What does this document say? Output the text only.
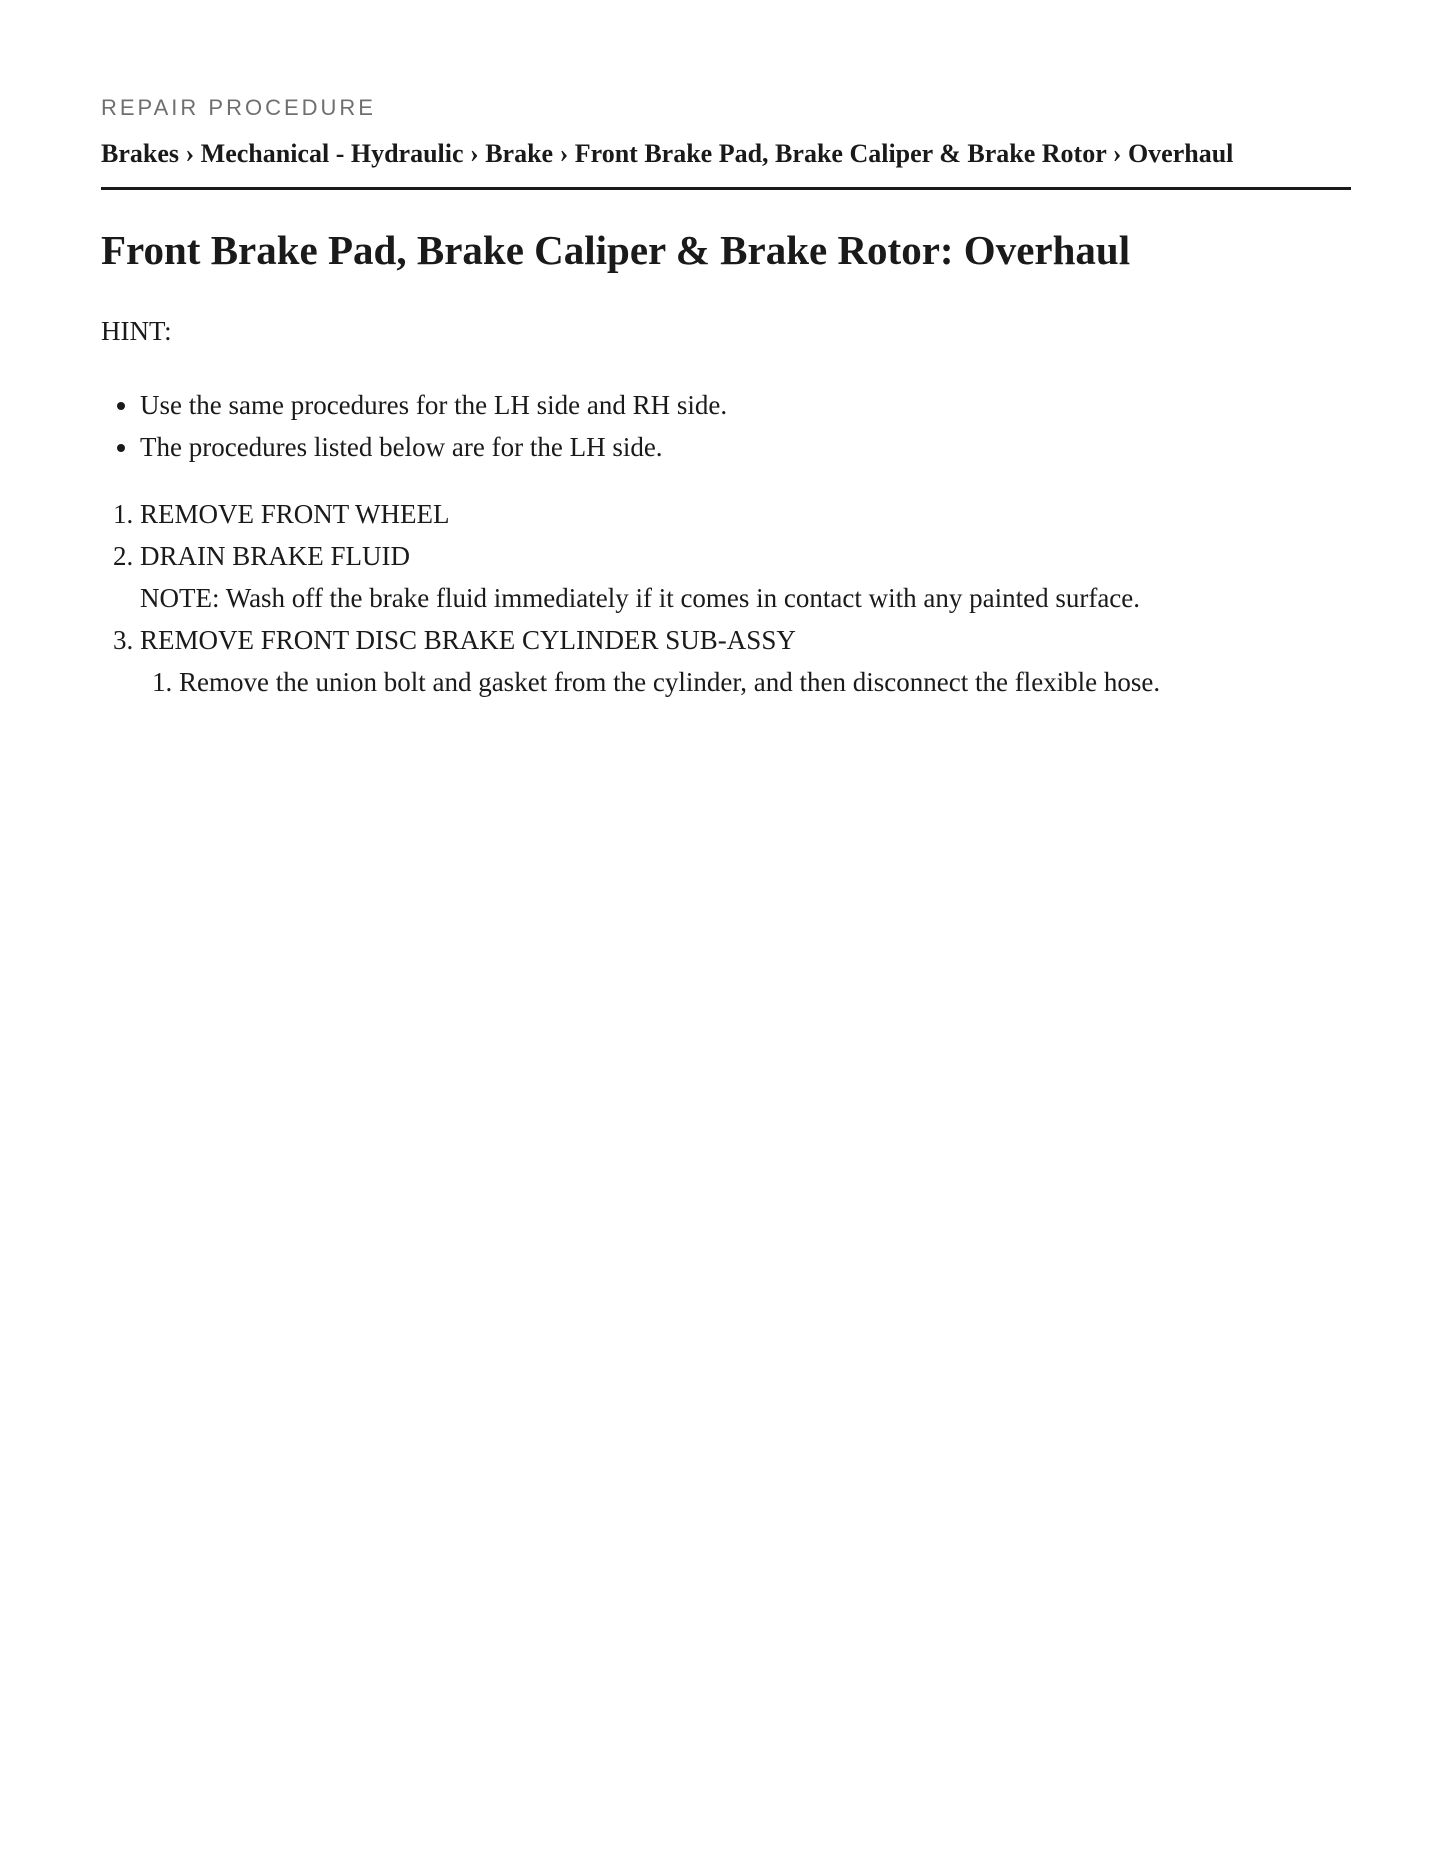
REPAIR PROCEDURE
Brakes › Mechanical - Hydraulic › Brake › Front Brake Pad, Brake Caliper & Brake Rotor › Overhaul
Front Brake Pad, Brake Caliper & Brake Rotor: Overhaul
HINT:
• Use the same procedures for the LH side and RH side.
• The procedures listed below are for the LH side.
1. REMOVE FRONT WHEEL
2. DRAIN BRAKE FLUID
NOTE: Wash off the brake fluid immediately if it comes in contact with any painted surface.
3. REMOVE FRONT DISC BRAKE CYLINDER SUB-ASSY
1. Remove the union bolt and gasket from the cylinder, and then disconnect the flexible hose.
